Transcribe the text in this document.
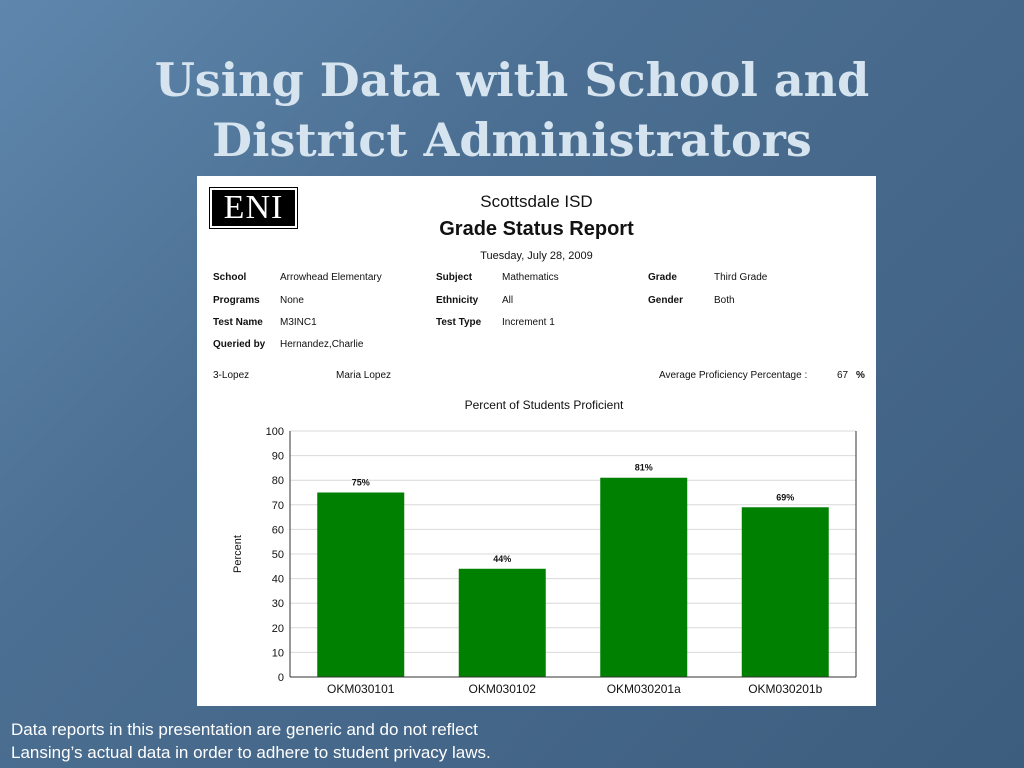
Using Data with School and
District Administrators
ENI	Scottsdale ISD
Grade Status Report
Tuesday, July 28, 2009
School	Arrowhead Elementary	Subject	Mathematics	Grade	Third Grade
Programs None	Ethnicity All	Gender	Both
Test Name M3INC1	Test Type Increment 1
Queried by Hernandez,Charlie
3-Lopez	Maria Lopez	Average Proficiency Percentage :	67 %
Percent of Students Proficient
Percent
0
10
20
30
40
50
60
70
80
90
100
75%
OKM030101
44%
OKM030102
81%
OKM030201a
69%
OKM030201b
Data reports in this presentation are generic and do not reflect
Lansing’s actual data in order to adhere to student privacy laws.
